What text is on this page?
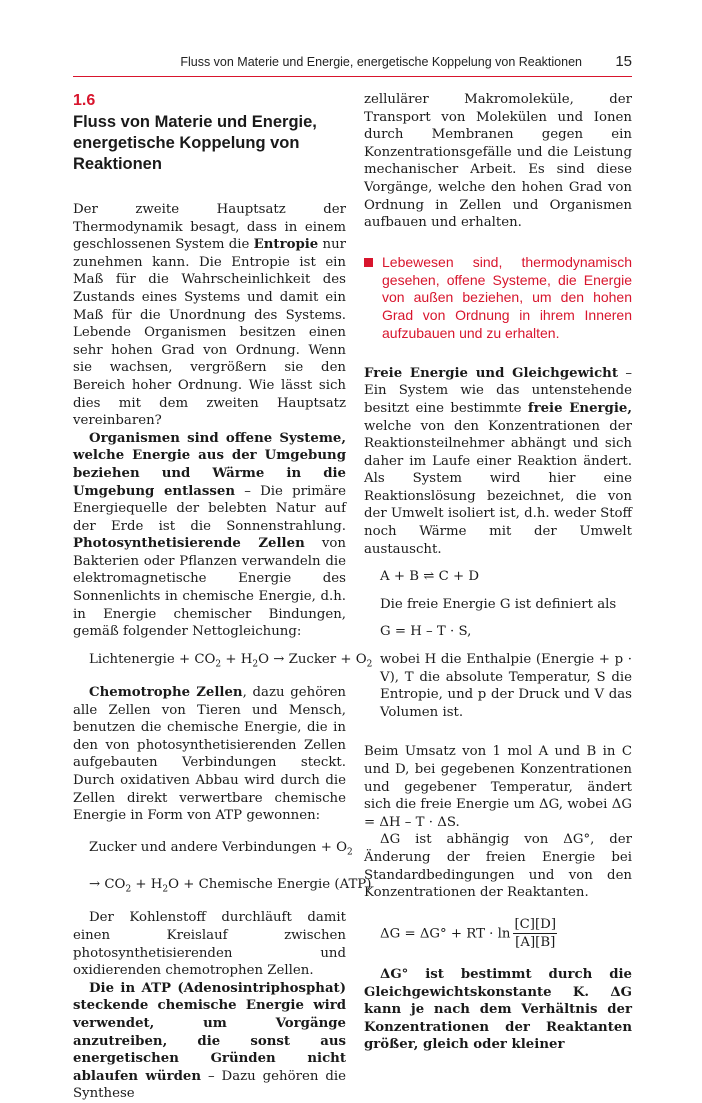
Fluss von Materie und Energie, energetische Koppelung von Reaktionen 15
1.6
Fluss von Materie und Energie, energetische Koppelung von Reaktionen

Der zweite Hauptsatz der Thermodynamik besagt, dass in einem geschlossenen System die Entropie nur zunehmen kann. Die Entropie ist ein Maß für die Wahrscheinlichkeit des Zustands eines Systems und damit ein Maß für die Unordnung des Systems. Lebende Organismen besitzen einen sehr hohen Grad von Ordnung. Wenn sie wachsen, vergrößern sie den Bereich hoher Ordnung. Wie lässt sich dies mit dem zweiten Hauptsatz vereinbaren?

Organismen sind offene Systeme, welche Energie aus der Umgebung beziehen und Wärme in die Umgebung entlassen – Die primäre Energiequelle der belebten Natur auf der Erde ist die Sonnenstrahlung. Photosynthetisierende Zellen von Bakterien oder Pflanzen verwandeln die elektromagnetische Energie des Sonnenlichts in chemische Energie, d.h. in Energie chemischer Bindungen, gemäß folgender Nettogleichung:

Lichtenergie + $CO_2 + H_2O$ → Zucker + $O_2$

Chemotrophe Zellen, dazu gehören alle Zellen von Tieren und Mensch, benutzen die chemische Energie, die in den von photosynthetisierenden Zellen aufgebauten Verbindungen steckt. Durch oxidativen Abbau wird durch die Zellen direkt verwertbare chemische Energie in Form von ATP gewonnen:

Zucker und andere Verbindungen + $O_2$

→ $CO_2 + H_2O$ + Chemische Energie (ATP)

Der Kohlenstoff durchläuft damit einen Kreislauf zwischen photosynthetisierenden und oxidierenden chemotrophen Zellen.

Die in ATP (Adenosintriphosphat) steckende chemische Energie wird verwendet, um Vorgänge anzutreiben, die sonst aus energetischen Gründen nicht ablaufen würden – Dazu gehören die Synthese

zellulärer Makromoleküle, der Transport von Molekülen und Ionen durch Membranen gegen ein Konzentrationsgefälle und die Leistung mechanischer Arbeit. Es sind diese Vorgänge, welche den hohen Grad von Ordnung in Zellen und Organismen aufbauen und erhalten.

Lebewesen sind, thermodynamisch gesehen, offene Systeme, die Energie von außen beziehen, um den hohen Grad von Ordnung in ihrem Inneren aufzubauen und zu erhalten.

Freie Energie und Gleichgewicht – Ein System wie das untenstehende besitzt eine bestimmte freie Energie, welche von den Konzentrationen der Reaktionsteilnehmer abhängt und sich daher im Laufe einer Reaktion ändert. Als System wird hier eine Reaktionslösung bezeichnet, die von der Umwelt isoliert ist, d.h. weder Stoff noch Wärme mit der Umwelt austauscht.

A + B ⇌ C + D

Die freie Energie G ist definiert als

G = H – T · S,

wobei H die Enthalpie (Energie + p · V), T die absolute Temperatur, S die Entropie, und p der Druck und V das Volumen ist.

Beim Umsatz von 1 mol A und B in C und D, bei gegebenen Konzentrationen und gegebener Temperatur, ändert sich die freie Energie um ΔG, wobei ΔG = ΔH – T · ΔS.

ΔG ist abhängig von ΔG°, der Änderung der freien Energie bei Standardbedingungen und von den Konzentrationen der Reaktanten.

ΔG = ΔG° + RT · $\ln \frac{[C][D]}{[A][B]}$

ΔG° ist bestimmt durch die Gleichgewichtskonstante K. ΔG kann je nach dem Verhältnis der Konzentrationen der Reaktanten größer, gleich oder kleiner
